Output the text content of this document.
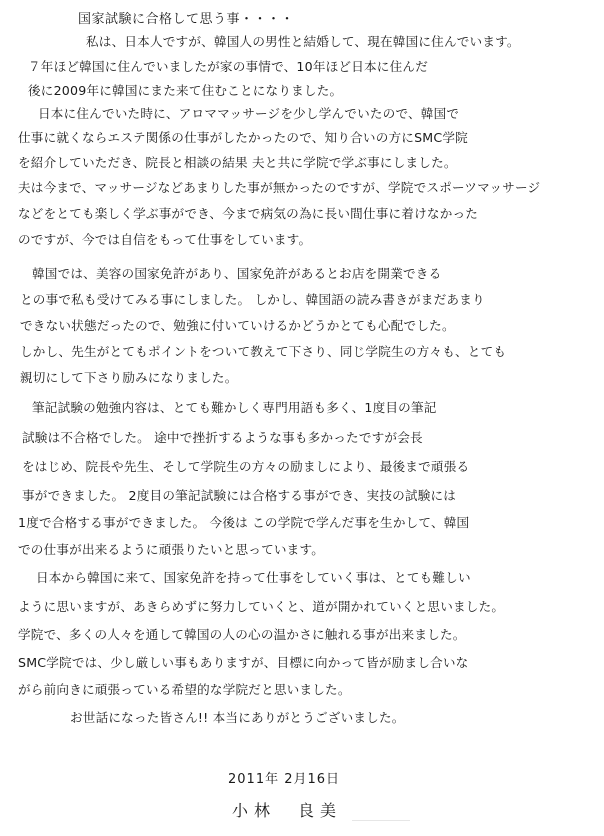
国家試験に合格して思う事・・・・
私は、日本人ですが、韓国人の男性と結婚して、現在韓国に住んでいます。
７年ほど韓国に住んでいましたが家の事情で、10年ほど日本に住んだ
後に2009年に韓国にまた来て住むことになりました。
日本に住んでいた時に、アロママッサージを少し学んでいたので、韓国で
仕事に就くならエステ関係の仕事がしたかったので、知り合いの方にSMC学院
を紹介していただき、院長と相談の結果 夫と共に学院で学ぶ事にしました。
夫は今まで、マッサージなどあまりした事が無かったのですが、学院でスポーツマッサージ
などをとても楽しく学ぶ事ができ、今まで病気の為に長い間仕事に着けなかった
のですが、今では自信をもって仕事をしています。
韓国では、美容の国家免許があり、国家免許があるとお店を開業できる
との事で私も受けてみる事にしました。 しかし、韓国語の読み書きがまだあまり
できない状態だったので、勉強に付いていけるかどうかとても心配でした。
しかし、先生がとてもポイントをついて教えて下さり、同じ学院生の方々も、とても
親切にして下さり励みになりました。
筆記試験の勉強内容は、とても難かしく専門用語も多く、1度目の筆記
試験は不合格でした。 途中で挫折するような事も多かったですが会長
をはじめ、院長や先生、そして学院生の方々の励ましにより、最後まで頑張る
事ができました。 2度目の筆記試験には合格する事ができ、実技の試験には
1度で合格する事ができました。 今後は この学院で学んだ事を生かして、韓国
での仕事が出来るように頑張りたいと思っています。
日本から韓国に来て、国家免許を持って仕事をしていく事は、とても難しい
ように思いますが、あきらめずに努力していくと、道が開かれていくと思いました。
学院で、多くの人々を通して韓国の人の心の温かさに触れる事が出来ました。
SMC学院では、少し厳しい事もありますが、目標に向かって皆が励まし合いな
がら前向きに頑張っている希望的な学院だと思いました。
お世話になった皆さん!! 本当にありがとうございました。
2011年 2月16日
小林　良美
